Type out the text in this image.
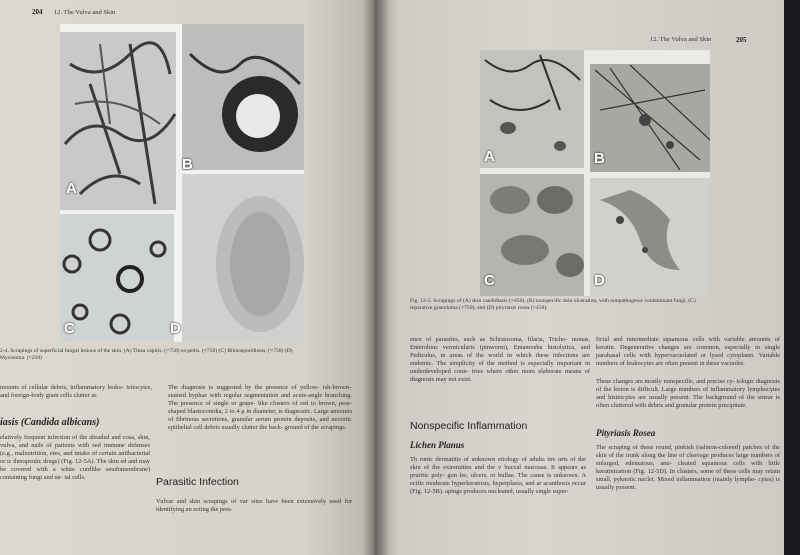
204 12. The Vulva and Skin
A
B
C	D
2-4. Scrapings of superficial fungal lesions of the skin. (A) Tinea capitis. (×750) ea pedis. (×750) (C) Rhinosporidiosis. (×750) (D) Mycetoma. (×250)
mounts of cellular debris, inflammatory leuko- istiocytes, and foreign-body giant cells clutter ar.
iasis (Candida albicans)
elatively frequent infection of the abraded and cosa, skin, vulva, and nails of patients with sed immune defenses (e.g., malnutrition, etes, and intake of certain antibacterial or ic therapeutic drugs) (Fig. 12-5A). The skin ed and may be covered with a white curdlike seudomembrane) containing fungi and ne- ial cells.
The diagnosis is suggested by the presence of yellow- ish-brown–stained hyphae with regular segmentation and acute-angle branching. The presence of single or grape- like clusters of red to brown, pear-shaped blastoconidia, 2 to 4 μ in diameter, is diagnostic. Large amounts of fibrinous secretions, granular serum protein deposits, and necrotic epithelial cell debris usually clutter the back- ground of the scrapings.
Parasitic Infection
Vulvar and skin scrapings of var sites have been extensively used for identifying an ecting the pres-
12. The Vulva and Skin	205
A	B
C	D
Fig. 12-5. Scrapings of (A) skin candidiasis (×450), (B) nonspecific skin ulceration, with nonpathogenic contaminant fungi, (C) reparative granuloma (×750), and (D) pityriasis rosea (×450).
ence of parasites, such as Schistosoma, filaria, Tricho- monas, Enterobius vermicularis (pinworm), Entamoeba histolytica, and Pediculus, in areas of the world in which these infections are endemic. The simplicity of the method is especially important in underdeveloped coun- tries where other more elaborate means of diagnosis may not exist.
Nonspecific Inflammation
Lichen Planus
Th ronic dermatitis of unknown etiology of adults inv urts of the skin of the extremities and the v buccal mucosas. It appears as pruritic poly- gon les, ulcers, or bullae. The cause is unknown. A ecific moderate hyperkeratosis, hyperplasia, and ar acanthosis occur (Fig. 12-5B). apings produces nucleated, usually single super-
ficial and intermediate squamous cells with variable amounts of keratin. Degenerative changes are common, especially in single parabasal cells with hypervacuolated or lysed cytoplasm. Variable numbers of leukocytes are often present in these vacuoles.
These changes are mostly nonspecific, and precise cy- tologic diagnosis of the lesion is difficult. Large numbers of inflammatory lymphocytes and histiocytes are usually present. The background of the smear is often cluttered with debris and granular protein precipitate.
Pityriasis Rosea
The scraping of these round, pinkish (salmon-colored) patches of the skin of the trunk along the line of cleavage produces large numbers of enlarged, edematous, anu- cleated squamous cells with little keratinization (Fig. 12-5D). In clusters, some of these cells may retain small, pyknotic nuclei. Mixed inflammation (mainly lympho- cytes) is usually present.
